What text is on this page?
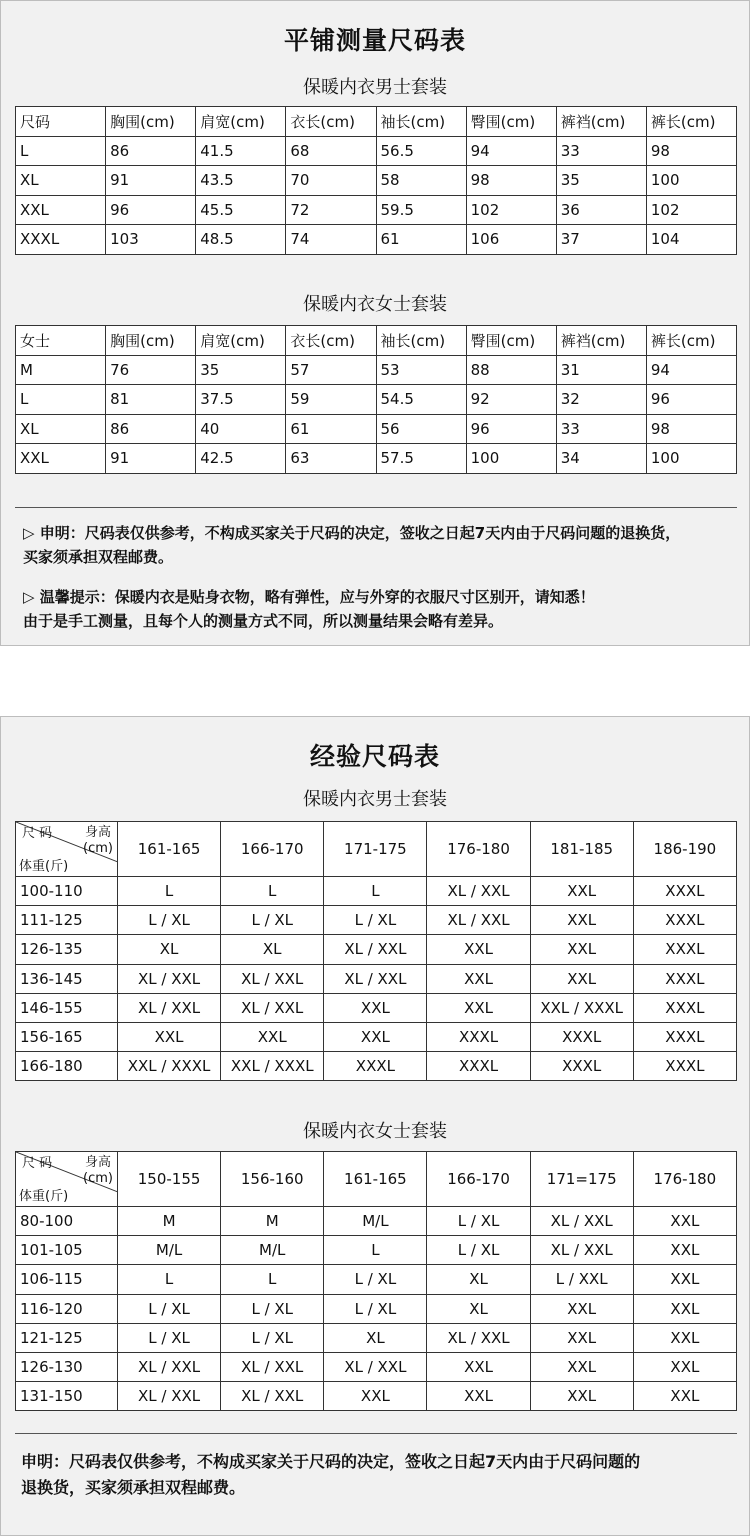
平铺测量尺码表
保暖内衣男士套装
尺码	胸围(cm)	肩宽(cm)	衣长(cm)	袖长(cm)	臀围(cm)	裤裆(cm)	裤长(cm)
L	86	41.5	68	56.5	94	33	98
XL	91	43.5	70	58	98	35	100
XXL	96	45.5	72	59.5	102	36	102
XXXL	103	48.5	74	61	106	37	104
保暖内衣女士套装
女士	胸围(cm)	肩宽(cm)	衣长(cm)	袖长(cm)	臀围(cm)	裤裆(cm)	裤长(cm)
M	76	35	57	53	88	31	94
L	81	37.5	59	54.5	92	32	96
XL	86	40	61	56	96	33	98
XXL	91	42.5	63	57.5	100	34	100
▷ 申明：尺码表仅供参考，不构成买家关于尺码的决定，签收之日起7天内由于尺码问题的退换货，
买家须承担双程邮费。
▷ 温馨提示：保暖内衣是贴身衣物，略有弹性，应与外穿的衣服尺寸区别开，请知悉！
由于是手工测量，且每个人的测量方式不同，所以测量结果会略有差异。
经验尺码表
保暖内衣男士套装
尺 码 身高
(cm)
体重(斤)	161-165	166-170	171-175	176-180	181-185	186-190
100-110	L	L	L	XL / XXL	XXL	XXXL
111-125	L / XL	L / XL	L / XL	XL / XXL	XXL	XXXL
126-135	XL	XL	XL / XXL	XXL	XXL	XXXL
136-145	XL / XXL	XL / XXL	XL / XXL	XXL	XXL	XXXL
146-155	XL / XXL	XL / XXL	XXL	XXL	XXL / XXXL	XXXL
156-165	XXL	XXL	XXL	XXXL	XXXL	XXXL
166-180	XXL / XXXL	XXL / XXXL	XXXL	XXXL	XXXL	XXXL
保暖内衣女士套装
尺 码 身高
(cm)
体重(斤)	150-155	156-160	161-165	166-170	171=175	176-180
80-100	M	M	M/L	L / XL	XL / XXL	XXL
101-105	M/L	M/L	L	L / XL	XL / XXL	XXL
106-115	L	L	L / XL	XL	L / XXL	XXL
116-120	L / XL	L / XL	L / XL	XL	XXL	XXL
121-125	L / XL	L / XL	XL	XL / XXL	XXL	XXL
126-130	XL / XXL	XL / XXL	XL / XXL	XXL	XXL	XXL
131-150	XL / XXL	XL / XXL	XXL	XXL	XXL	XXL
申明：尺码表仅供参考，不构成买家关于尺码的决定，签收之日起7天内由于尺码问题的
退换货，买家须承担双程邮费。
